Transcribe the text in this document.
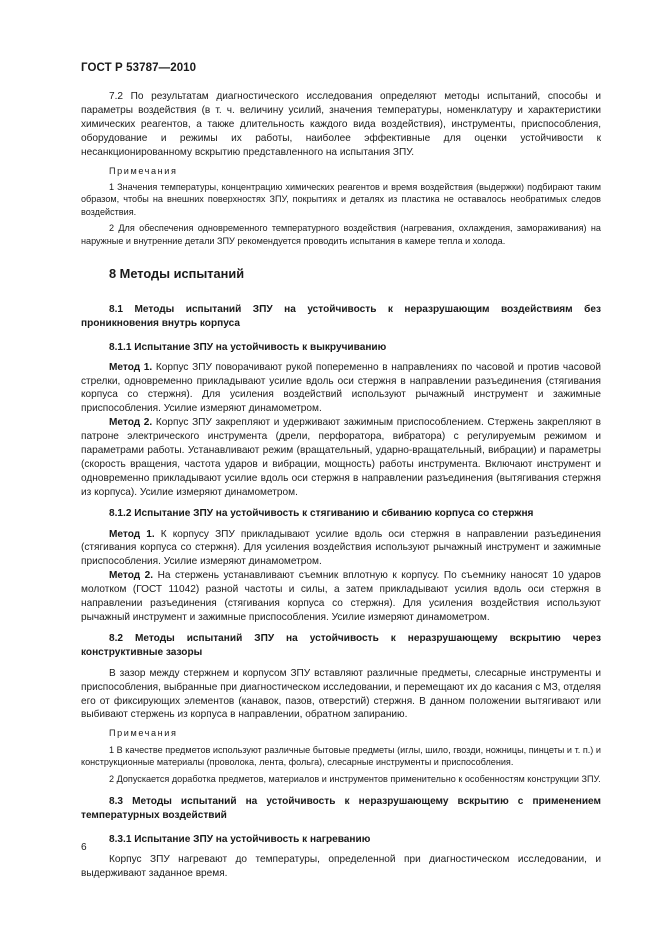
ГОСТ Р 53787—2010

7.2 По результатам диагностического исследования определяют методы испытаний, способы и параметры воздействия (в т. ч. величину усилий, значения температуры, номенклатуру и характеристики химических реагентов, а также длительность каждого вида воздействия), инструменты, приспособления, оборудование и режимы их работы, наиболее эффективные для оценки устойчивости к несанкционированному вскрытию представленного на испытания ЗПУ.

Примечания

1 Значения температуры, концентрацию химических реагентов и время воздействия (выдержки) подбирают таким образом, чтобы на внешних поверхностях ЗПУ, покрытиях и деталях из пластика не оставалось необратимых следов воздействия.

2 Для обеспечения одновременного температурного воздействия (нагревания, охлаждения, замораживания) на наружные и внутренние детали ЗПУ рекомендуется проводить испытания в камере тепла и холода.

8 Методы испытаний

8.1 Методы испытаний ЗПУ на устойчивость к неразрушающим воздействиям без проникновения внутрь корпуса

8.1.1 Испытание ЗПУ на устойчивость к выкручиванию

Метод 1. Корпус ЗПУ поворачивают рукой попеременно в направлениях по часовой и против часовой стрелки, одновременно прикладывают усилие вдоль оси стержня в направлении разъединения (стягивания корпуса со стержня). Для усиления воздействий используют рычажный инструмент и зажимные приспособления. Усилие измеряют динамометром.

Метод 2. Корпус ЗПУ закрепляют и удерживают зажимным приспособлением. Стержень закрепляют в патроне электрического инструмента (дрели, перфоратора, вибратора) с регулируемым режимом и параметрами работы. Устанавливают режим (вращательный, ударно-вращательный, вибрации) и параметры (скорость вращения, частота ударов и вибрации, мощность) работы инструмента. Включают инструмент и одновременно прикладывают усилие вдоль оси стержня в направлении разъединения (вытягивания стержня из корпуса). Усилие измеряют динамометром.

8.1.2 Испытание ЗПУ на устойчивость к стягиванию и сбиванию корпуса со стержня

Метод 1. К корпусу ЗПУ прикладывают усилие вдоль оси стержня в направлении разъединения (стягивания корпуса со стержня). Для усиления воздействия используют рычажный инструмент и зажимные приспособления. Усилие измеряют динамометром.

Метод 2. На стержень устанавливают съемник вплотную к корпусу. По съемнику наносят 10 ударов молотком (ГОСТ 11042) разной частоты и силы, а затем прикладывают усилия вдоль оси стержня в направлении разъединения (стягивания корпуса со стержня). Для усиления воздействия используют рычажный инструмент и зажимные приспособления. Усилие измеряют динамометром.

8.2 Методы испытаний ЗПУ на устойчивость к неразрушающему вскрытию через конструктивные зазоры

В зазор между стержнем и корпусом ЗПУ вставляют различные предметы, слесарные инструменты и приспособления, выбранные при диагностическом исследовании, и перемещают их до касания с МЗ, отделяя его от фиксирующих элементов (канавок, пазов, отверстий) стержня. В данном положении вытягивают или выбивают стержень из корпуса в направлении, обратном запиранию.

Примечания

1 В качестве предметов используют различные бытовые предметы (иглы, шило, гвозди, ножницы, пинцеты и т. п.) и конструкционные материалы (проволока, лента, фольга), слесарные инструменты и приспособления.

2 Допускается доработка предметов, материалов и инструментов применительно к особенностям конструкции ЗПУ.

8.3 Методы испытаний на устойчивость к неразрушающему вскрытию с применением температурных воздействий

8.3.1 Испытание ЗПУ на устойчивость к нагреванию

Корпус ЗПУ нагревают до температуры, определенной при диагностическом исследовании, и выдерживают заданное время.

6
